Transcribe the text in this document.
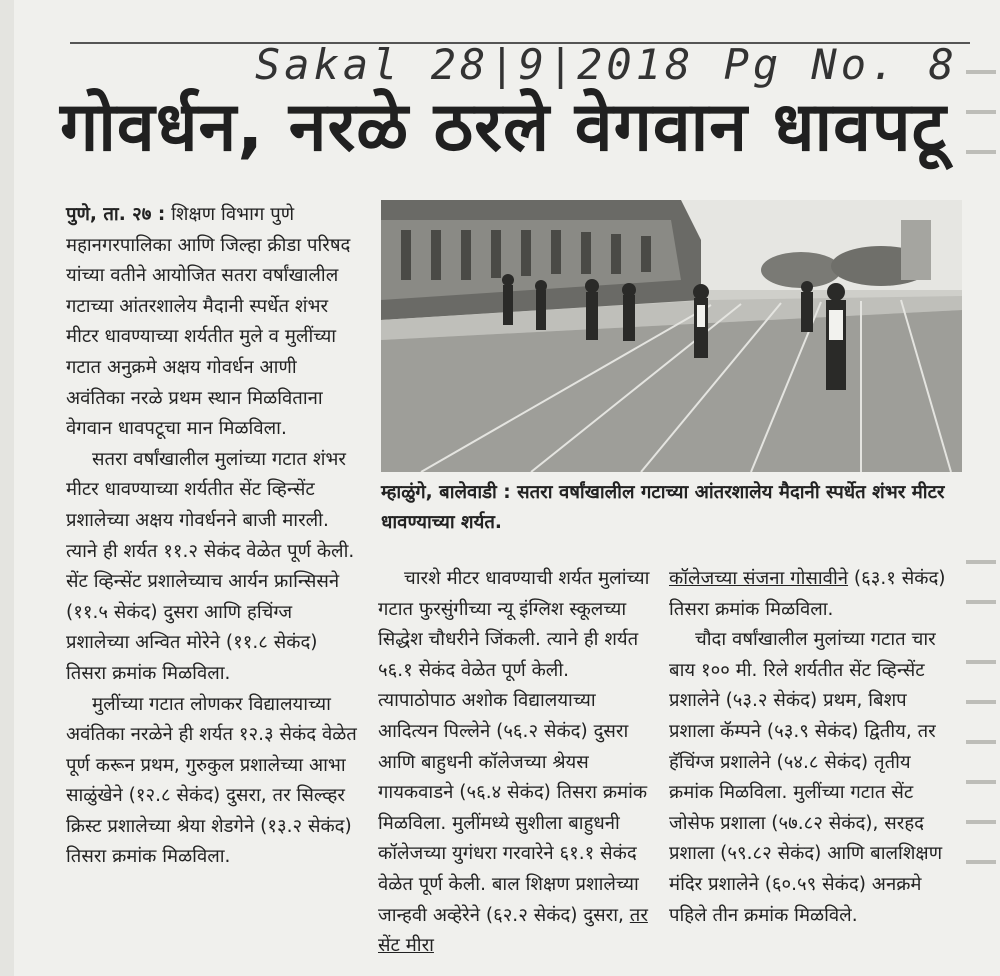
Sakal 28|9|2018 Pg No. 8
गोवर्धन, नरळे ठरले वेगवान धावपटू

पुणे, ता. २७ : शिक्षण विभाग पुणे महानगरपालिका आणि जिल्हा क्रीडा परिषद यांच्या वतीने आयोजित सतरा वर्षांखालील गटाच्या आंतरशालेय मैदानी स्पर्धेत शंभर मीटर धावण्याच्या शर्यतीत मुले व मुलींच्या गटात अनुक्रमे अक्षय गोवर्धन आणी अवंतिका नरळे प्रथम स्थान मिळविताना वेगवान धावपटूचा मान मिळविला.

सतरा वर्षांखालील मुलांच्या गटात शंभर मीटर धावण्याच्या शर्यतीत सेंट व्हिन्सेंट प्रशालेच्या अक्षय गोवर्धनने बाजी मारली. त्याने ही शर्यत ११.२ सेकंद वेळेत पूर्ण केली. सेंट व्हिन्सेंट प्रशालेच्याच आर्यन फ्रान्सिसने (११.५ सेकंद) दुसरा आणि हचिंग्ज प्रशालेच्या अन्वित मोरेने (११.८ सेकंद) तिसरा क्रमांक मिळविला.

मुलींच्या गटात लोणकर विद्यालयाच्या अवंतिका नरळेने ही शर्यत १२.३ सेकंद वेळेत पूर्ण करून प्रथम, गुरुकुल प्रशालेच्या आभा साळुंखेने (१२.८ सेकंद) दुसरा, तर सिल्व्हर क्रिस्ट प्रशालेच्या श्रेया शेडगेने (१३.२ सेकंद) तिसरा क्रमांक मिळविला.

म्हाळुंगे, बालेवाडी : सतरा वर्षांखालील गटाच्या आंतरशालेय मैदानी स्पर्धेत शंभर मीटर धावण्याच्या शर्यत.

चारशे मीटर धावण्याची शर्यत मुलांच्या गटात फुरसुंगीच्या न्यू इंग्लिश स्कूलच्या सिद्धेश चौधरीने जिंकली. त्याने ही शर्यत ५६.१ सेकंद वेळेत पूर्ण केली. त्यापाठोपाठ अशोक विद्यालयाच्या आदित्यन पिल्लेने (५६.२ सेकंद) दुसरा आणि बाहुधनी कॉलेजच्या श्रेयस गायकवाडने (५६.४ सेकंद) तिसरा क्रमांक मिळविला. मुलींमध्ये सुशीला बाहुधनी कॉलेजच्या युगंधरा गरवारेने ६१.१ सेकंद वेळेत पूर्ण केली. बाल शिक्षण प्रशालेच्या जान्हवी अव्हेरेने (६२.२ सेकंद) दुसरा, तर सेंट मीरा

कॉलेजच्या संजना गोसावीने (६३.१ सेकंद) तिसरा क्रमांक मिळविला.

चौदा वर्षांखालील मुलांच्या गटात चार बाय १०० मी. रिले शर्यतीत सेंट व्हिन्सेंट प्रशालेने (५३.२ सेकंद) प्रथम, बिशप प्रशाला कॅम्पने (५३.९ सेकंद) द्वितीय, तर हॅचिंग्ज प्रशालेने (५४.८ सेकंद) तृतीय क्रमांक मिळविला. मुलींच्या गटात सेंट जोसेफ प्रशाला (५७.८२ सेकंद), सरहद प्रशाला (५९.८२ सेकंद) आणि बालशिक्षण मंदिर प्रशालेने (६०.५९ सेकंद) अनक्रमे पहिले तीन क्रमांक मिळविले.
